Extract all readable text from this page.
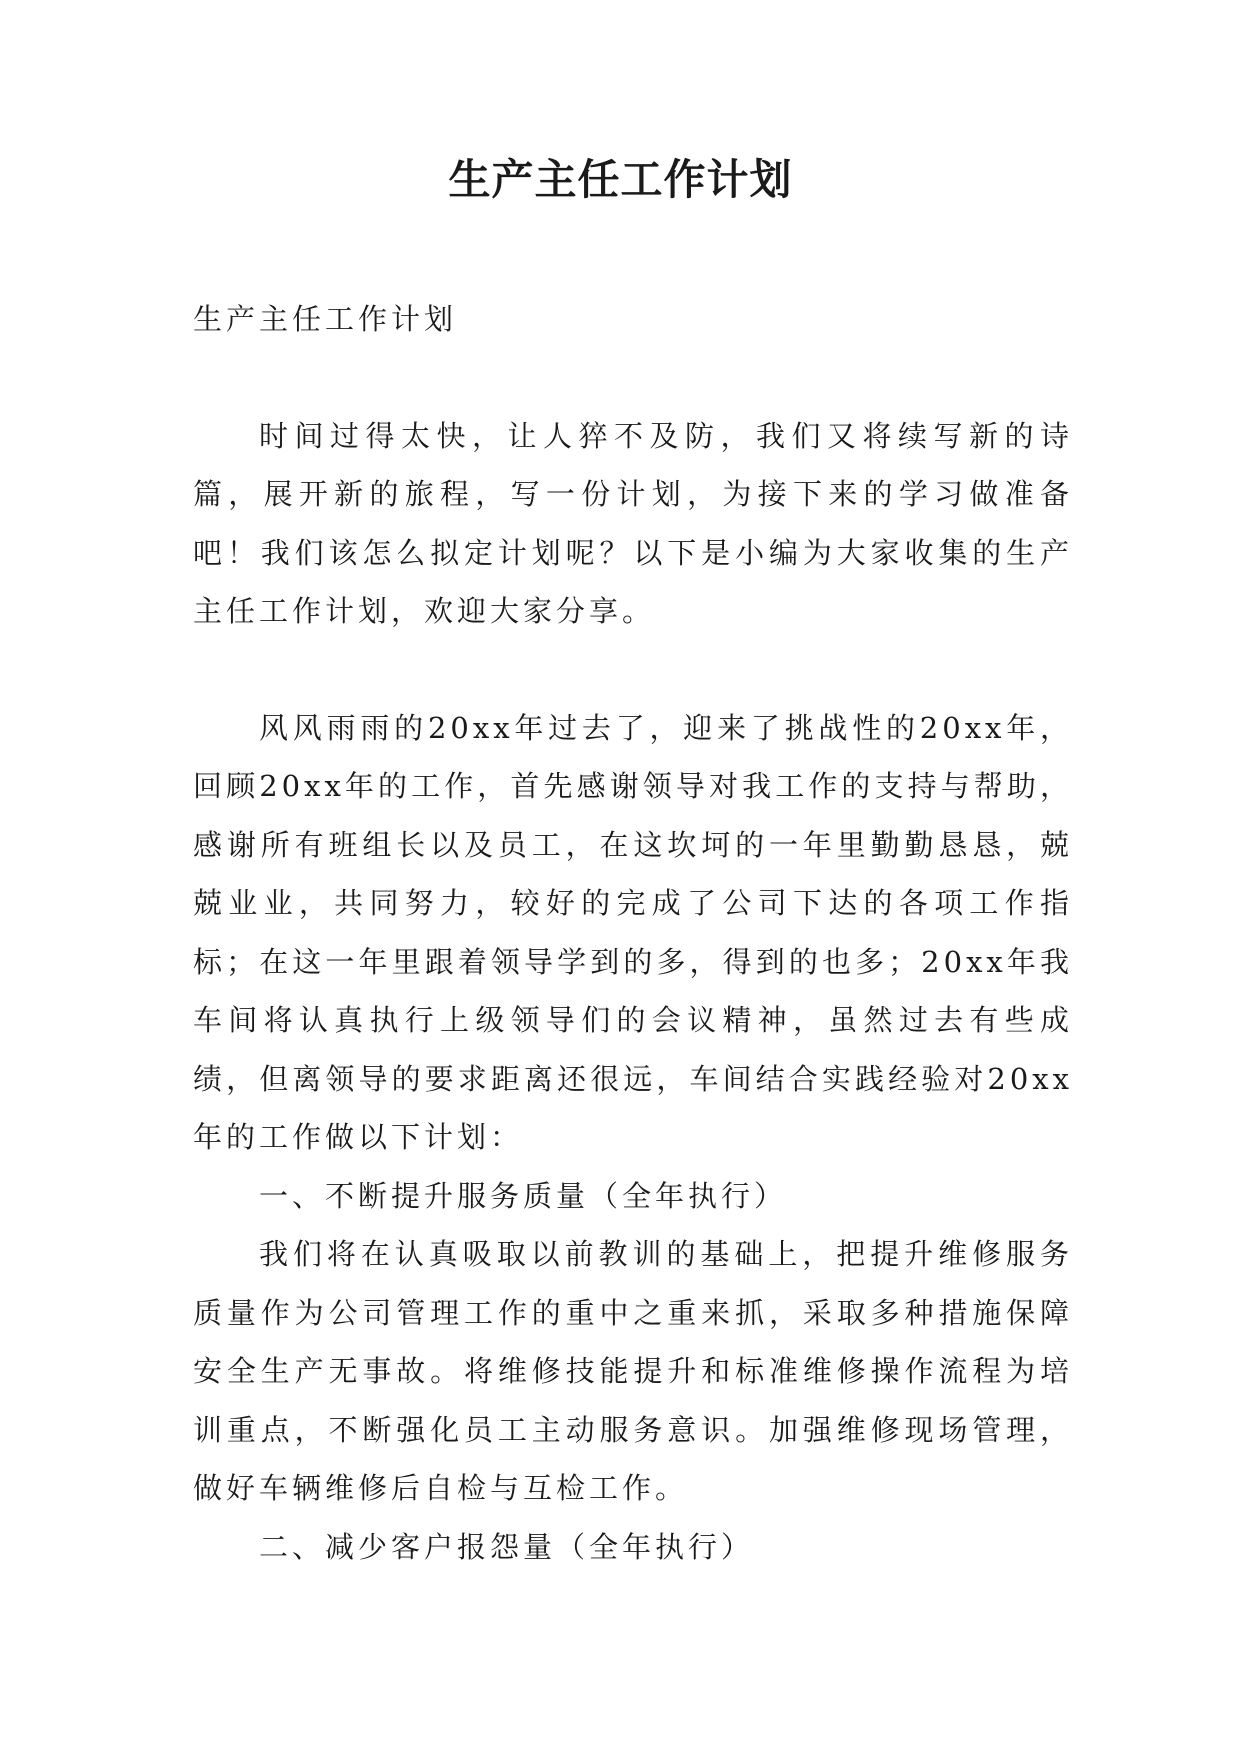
生产主任工作计划

生产主任工作计划

时间过得太快，让人猝不及防，我们又将续写新的诗篇，展开新的旅程，写一份计划，为接下来的学习做准备吧！我们该怎么拟定计划呢？以下是小编为大家收集的生产主任工作计划，欢迎大家分享。

风风雨雨的20xx年过去了，迎来了挑战性的20xx年，回顾20xx年的工作，首先感谢领导对我工作的支持与帮助，感谢所有班组长以及员工，在这坎坷的一年里勤勤恳恳，兢兢业业，共同努力，较好的完成了公司下达的各项工作指标；在这一年里跟着领导学到的多，得到的也多；20xx年我车间将认真执行上级领导们的会议精神，虽然过去有些成绩，但离领导的要求距离还很远，车间结合实践经验对20xx年的工作做以下计划：

一、不断提升服务质量（全年执行）

我们将在认真吸取以前教训的基础上，把提升维修服务质量作为公司管理工作的重中之重来抓，采取多种措施保障安全生产无事故。将维修技能提升和标准维修操作流程为培训重点，不断强化员工主动服务意识。加强维修现场管理，做好车辆维修后自检与互检工作。

二、减少客户报怨量（全年执行）
